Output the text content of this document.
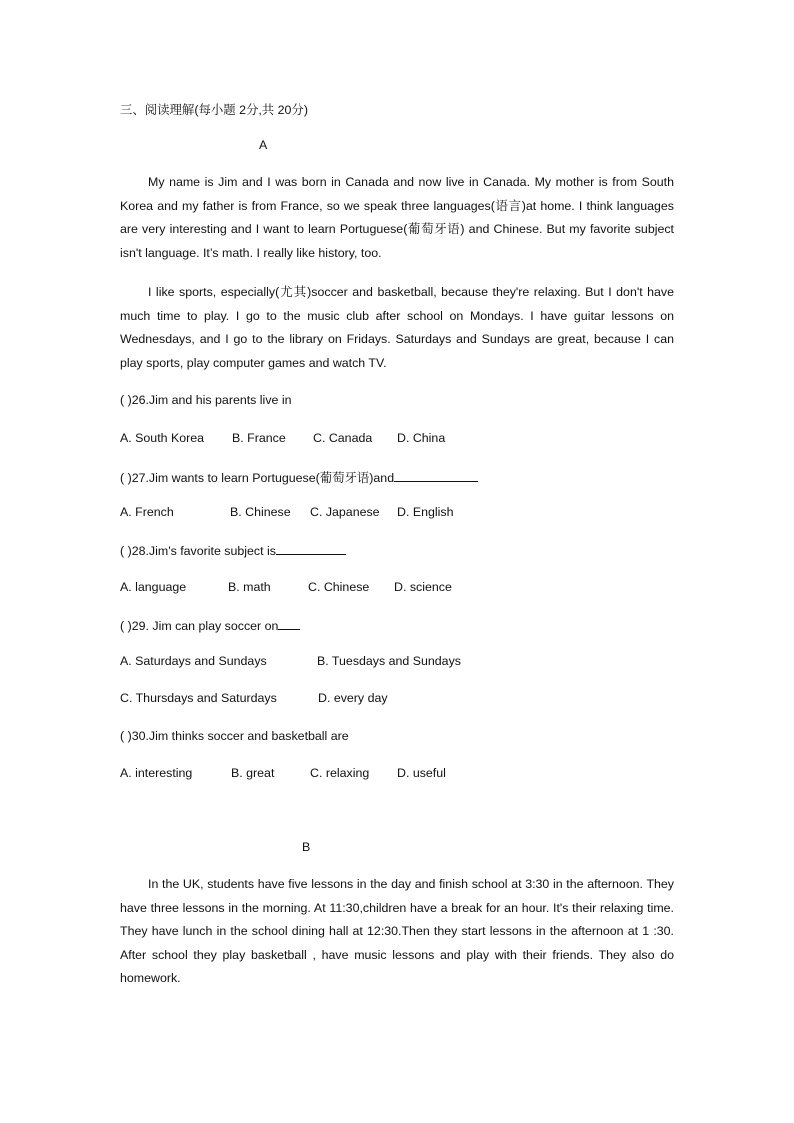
三、阅读理解(每小题 2分,共 20分)
A

My name is Jim and I was born in Canada and now live in Canada. My mother is from South Korea and my father is from France, so we speak three languages(语言)at home. I think languages are very interesting and I want to learn Portuguese(葡萄牙语) and Chinese. But my favorite subject isn't language. It’s math. I really like history, too.

I like sports, especially(尤其)soccer and basketball, because they're relaxing. But I don't have much time to play. I go to the music club after school on Mondays. I have guitar lessons on Wednesdays, and I go to the library on Fridays. Saturdays and Sundays are great, because I can play sports, play computer games and watch TV.

( )26.Jim and his parents live in
A. South Korea B. France C. Canada D. China
( )27.Jim wants to learn Portuguese(葡萄牙语)and
A. French	B. Chinese C. Japanese D. English
( )28.Jim's favorite subject is
A. language	B. math	C. Chinese D. science
( )29. Jim can play soccer on
A. Saturdays and Sundays	B. Tuesdays and Sundays
C. Thursdays and Saturdays	D. every day
( )30.Jim thinks soccer and basketball are
A. interesting	B. great	C. relaxing D. useful
B

In the UK, students have five lessons in the day and finish school at 3:30 in the afternoon. They have three lessons in the morning. At 11:30,children have a break for an hour. It's their relaxing time. They have lunch in the school dining hall at 12:30.Then they start lessons in the afternoon at 1 :30. After school they play basketball , have music lessons and play with their friends. They also do homework.
